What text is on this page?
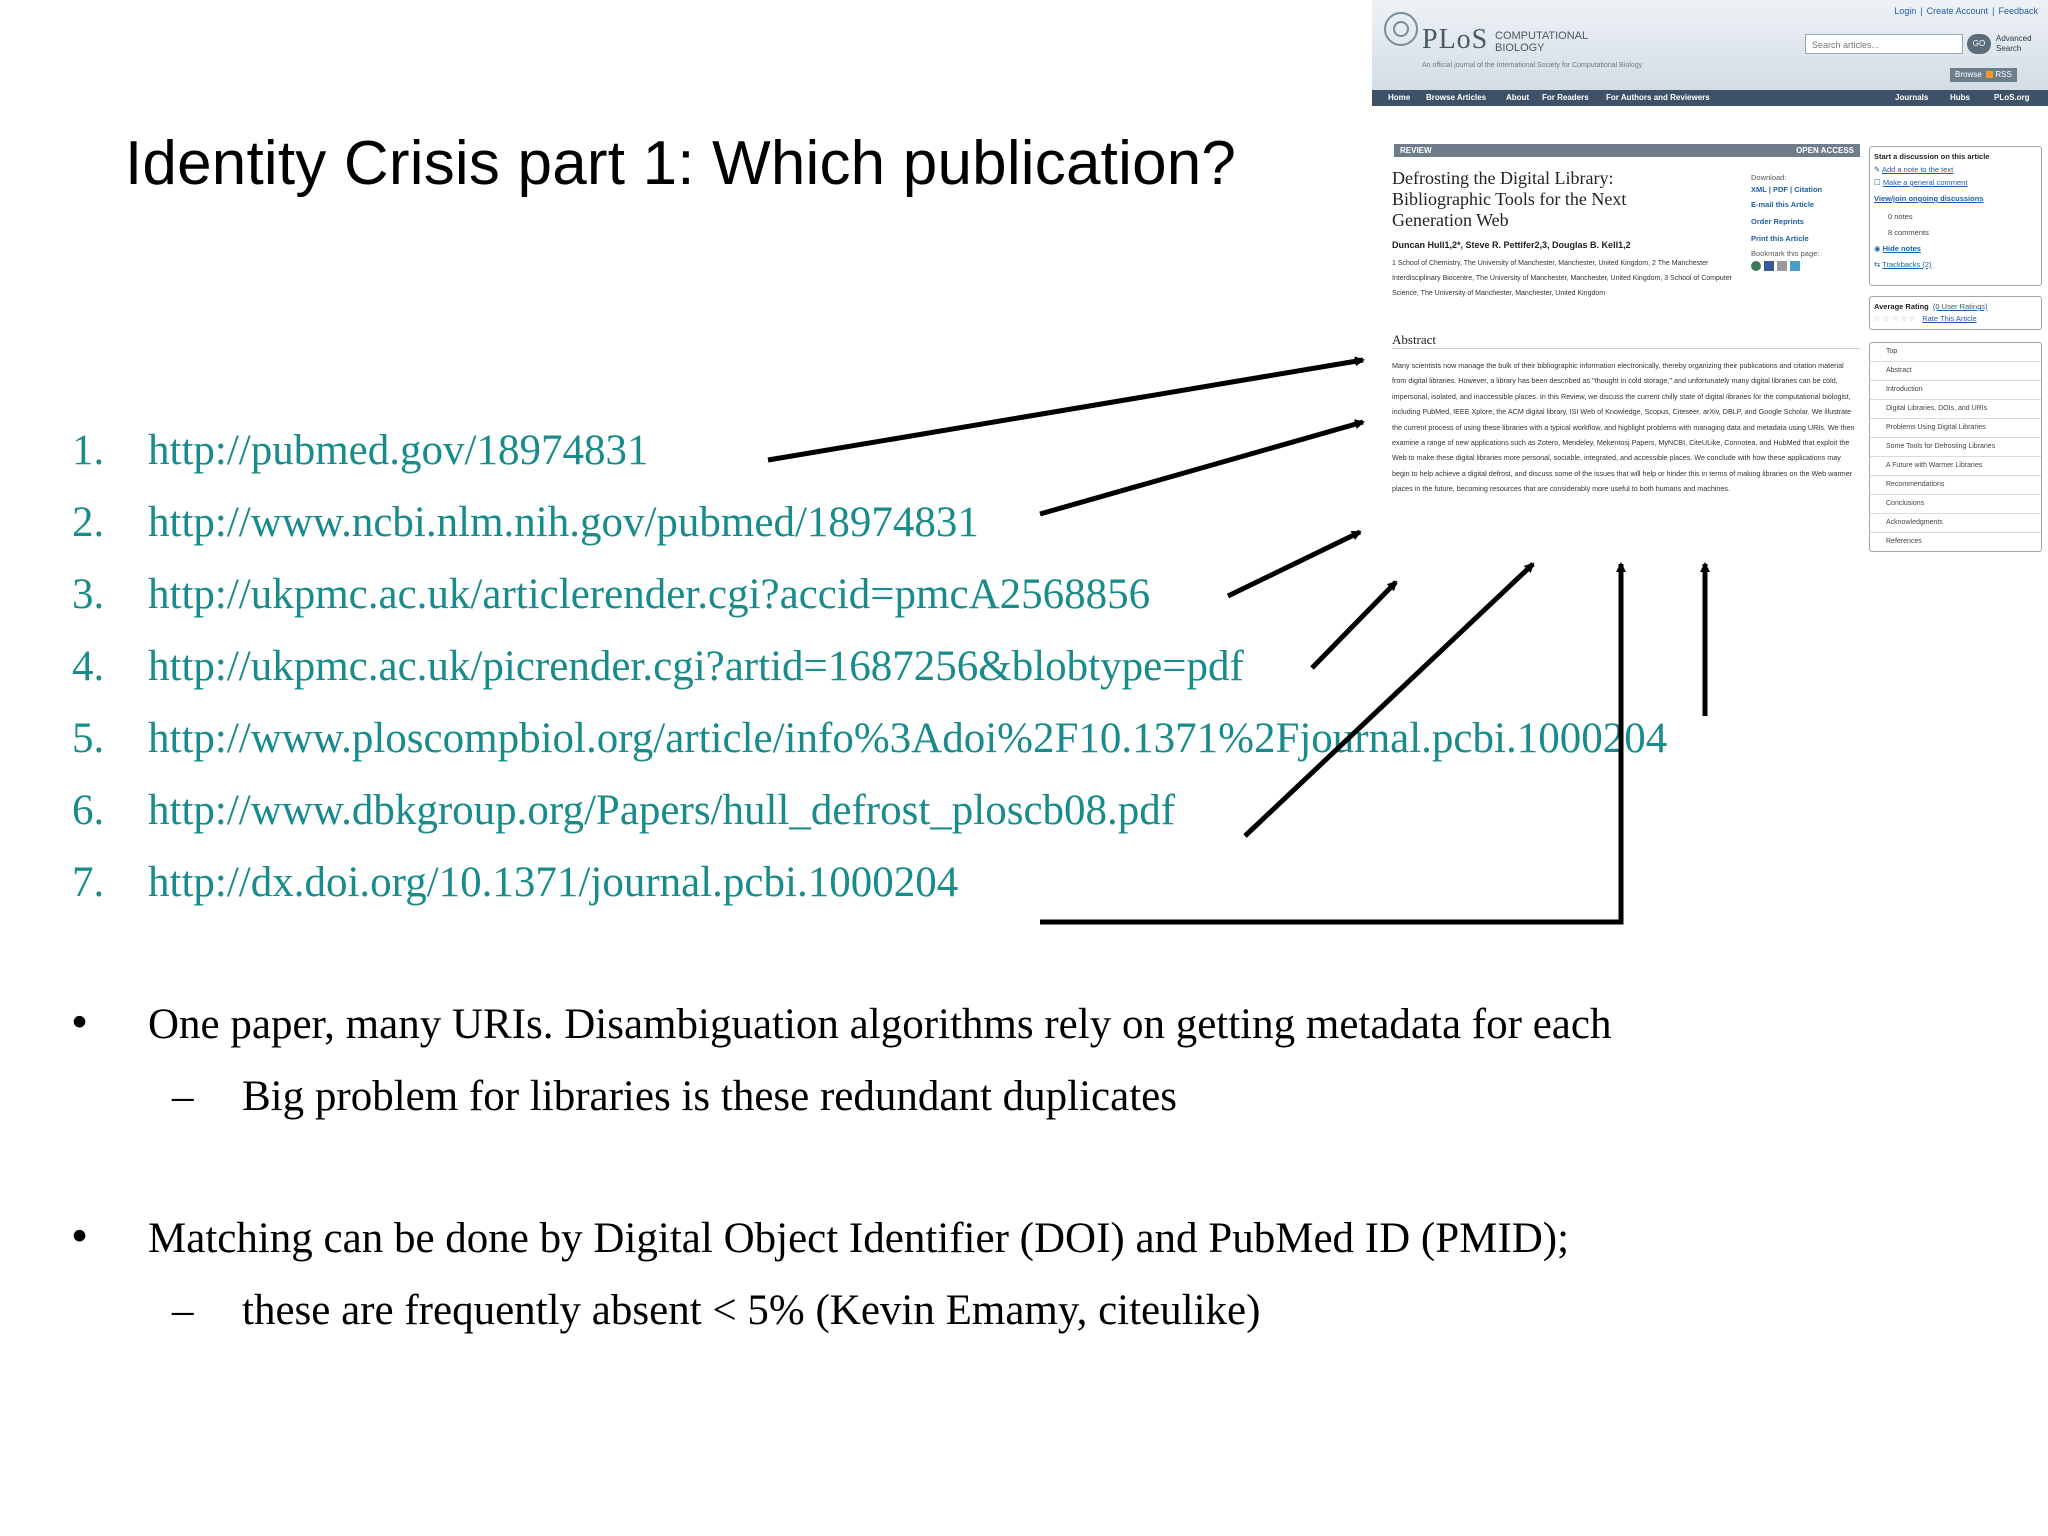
Identity Crisis part 1: Which publication?
1. http://pubmed.gov/18974831
2. http://www.ncbi.nlm.nih.gov/pubmed/18974831
3. http://ukpmc.ac.uk/articlerender.cgi?accid=pmcA2568856
4. http://ukpmc.ac.uk/picrender.cgi?artid=1687256&blobtype=pdf
5. http://www.ploscompbiol.org/article/info%3Adoi%2F10.1371%2Fjournal.pcbi.1000204
6. http://www.dbkgroup.org/Papers/hull_defrost_ploscb08.pdf
7. http://dx.doi.org/10.1371/journal.pcbi.1000204
• One paper, many URIs. Disambiguation algorithms rely on getting metadata for each
– Big problem for libraries is these redundant duplicates
• Matching can be done by Digital Object Identifier (DOI) and PubMed ID (PMID);
– these are frequently absent < 5% (Kevin Emamy, citeulike)
Login | Create Account | Feedback
PLoS COMPUTATIONAL
BIOLOGY
An official journal of the International Society for Computational Biology
Search articles...	GO
Advanced Search
Browse RSS
Home Browse Articles About For Readers For Authors and Reviewers	Journals	Hubs	PLoS.org
REVIEW	OPEN ACCESS
Defrosting the Digital Library: Bibliographic Tools for the Next Generation Web
Duncan Hull1,2*, Steve R. Pettifer2,3, Douglas B. Kell1,2
1 School of Chemistry, The University of Manchester, Manchester, United Kingdom, 2 The Manchester Interdisciplinary Biocentre, The University of Manchester, Manchester, United Kingdom, 3 School of Computer Science, The University of Manchester, Manchester, United Kingdom
Download:
XML | PDF | Citation
E-mail this Article
Order Reprints
Print this Article
Bookmark this page:
Abstract
Many scientists now manage the bulk of their bibliographic information electronically, thereby organizing their publications and citation material from digital libraries. However, a library has been described as "thought in cold storage," and unfortunately many digital libraries can be cold, impersonal, isolated, and inaccessible places. In this Review, we discuss the current chilly state of digital libraries for the computational biologist, including PubMed, IEEE Xplore, the ACM digital library, ISI Web of Knowledge, Scopus, Citeseer, arXiv, DBLP, and Google Scholar. We illustrate the current process of using these libraries with a typical workflow, and highlight problems with managing data and metadata using URIs. We then examine a range of new applications such as Zotero, Mendeley, Mekentosj Papers, MyNCBI, CiteULike, Connotea, and HubMed that exploit the Web to make these digital libraries more personal, sociable, integrated, and accessible places. We conclude with how these applications may begin to help achieve a digital defrost, and discuss some of the issues that will help or hinder this in terms of making libraries on the Web warmer places in the future, becoming resources that are considerably more useful to both humans and machines.
Start a discussion on this article
✎ Add a note to the text
☐ Make a general comment
View/join ongoing discussions
0 notes
8 comments
◉ Hide notes
⇆ Trackbacks (2)
Average Rating (0 User Ratings)
☆ ☆ ☆ ☆ ☆ Rate This Article
Top
Abstract
Introduction
Digital Libraries, DOIs, and URIs
Problems Using Digital Libraries
Some Tools for Defrosting Libraries
A Future with Warmer Libraries
Recommendations
Conclusions
Acknowledgments
References
